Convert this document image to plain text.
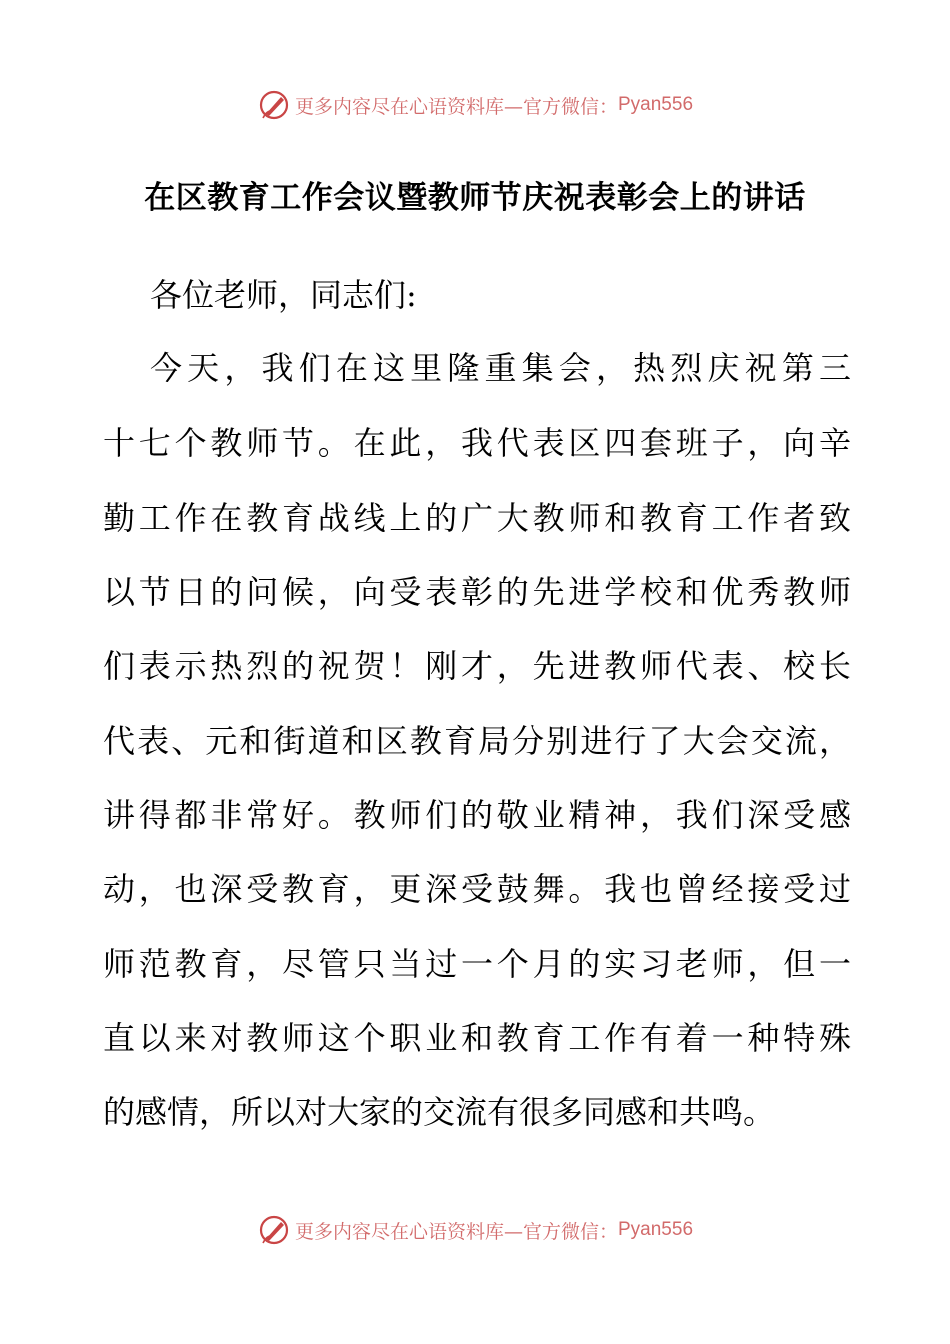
更多内容尽在心语资料库— 官方微信： Pyan556
在区教育工作会议暨教师节庆祝表彰会上的讲话
各位老师，同志们:
今天，我们在这里隆重集会，热烈庆祝第三
十七个教师节。在此，我代表区四套班子，向辛
勤工作在教育战线上的广大教师和教育工作者致
以节日的问候，向受表彰的先进学校和优秀教师
们表示热烈的祝贺！刚才，先进教师代表、校长
代表、元和街道和区教育局分别进行了大会交流，
讲得都非常好。教师们的敬业精神，我们深受感
动，也深受教育，更深受鼓舞。我也曾经接受过
师范教育，尽管只当过一个月的实习老师，但一
直以来对教师这个职业和教育工作有着一种特殊
的感情，所以对大家的交流有很多同感和共鸣。
更多内容尽在心语资料库— 官方微信： Pyan556
